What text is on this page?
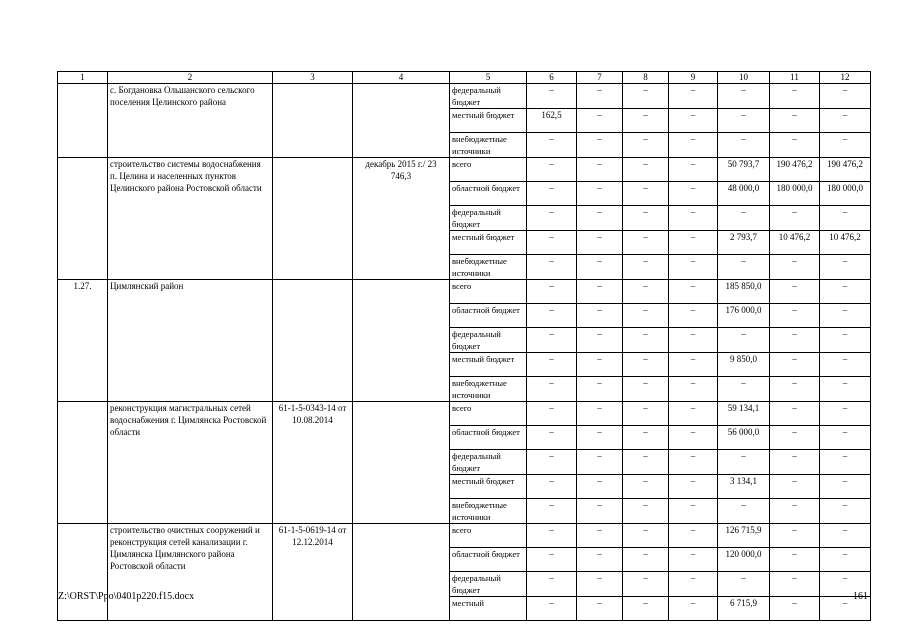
1	2	3	4	5	6	7	8	9	10	11	12
	с. Богдановка Ольшанского сельского поселения Целинского района			федеральный бюджет	–	–	–	–	–	–	–
				местный бюджет	162,5	–	–	–	–	–	–
				внебюджетные источники	–	–	–	–	–	–	–
	строительство системы водоснабжения п. Целина и населенных пунктов Целинского района Ростовской области		декабрь 2015 г./ 23 746,3	всего	–	–	–	–	50 793,7	190 476,2	190 476,2
				областной бюджет	–	–	–	–	48 000,0	180 000,0	180 000,0
				федеральный бюджет	–	–	–	–	–	–	–
				местный бюджет	–	–	–	–	2 793,7	10 476,2	10 476,2
				внебюджетные источники	–	–	–	–	–	–	–
1.27.	Цимлянский район			всего	–	–	–	–	185 850,0	–	–
				областной бюджет	–	–	–	–	176 000,0	–	–
				федеральный бюджет	–	–	–	–	–	–	–
				местный бюджет	–	–	–	–	9 850,0	–	–
				внебюджетные источники	–	–	–	–	–	–	–
	реконструкция магистральных сетей водоснабжения г. Цимлянска Ростовской области	61-1-5-0343-14 от 10.08.2014		всего	–	–	–	–	59 134,1	–	–
				областной бюджет	–	–	–	–	56 000,0	–	–
				федеральный бюджет	–	–	–	–	–	–	–
				местный бюджет	–	–	–	–	3 134,1	–	–
				внебюджетные источники	–	–	–	–	–	–	–
	строительство очистных сооружений и реконструкция сетей канализации г. Цимлянска Цимлянского района Ростовской области	61-1-5-0619-14 от 12.12.2014		всего	–	–	–	–	126 715,9	–	–
				областной бюджет	–	–	–	–	120 000,0	–	–
				федеральный бюджет	–	–	–	–	–	–	–
				местный	–	–	–	–	6 715,9	–	–
Z:\ORST\Ppo\0401p220.f15.docx	161
